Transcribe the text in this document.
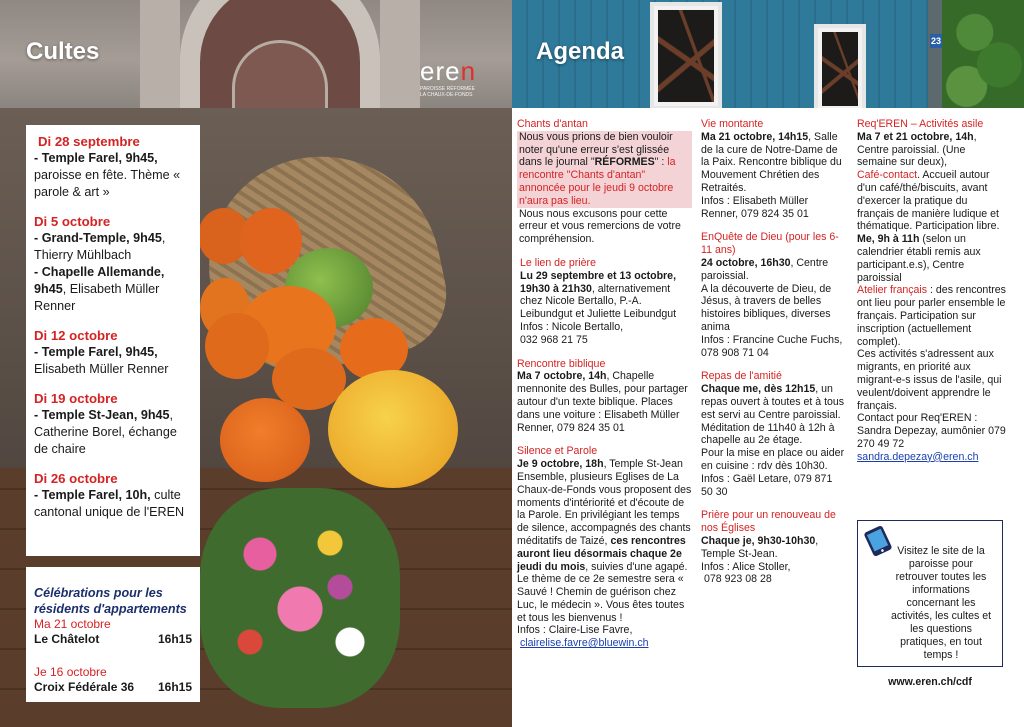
Cultes
eren
PAROISSE RÉFORMÉE
LA CHAUX-DE-FONDS
23
Agenda
Di 28 septembre
- Temple Farel, 9h45,
paroisse en fête. Thème « parole & art »
Di 5 octobre
- Grand-Temple, 9h45, Thierry Mühlbach
- Chapelle Allemande, 9h45, Elisabeth Müller Renner
Di 12 octobre
- Temple Farel, 9h45, Elisabeth Müller Renner
Di 19 octobre
- Temple St-Jean, 9h45, Catherine Borel, échange de chaire
Di 26 octobre
- Temple Farel, 10h, culte cantonal unique de l'EREN
Célébrations pour les résidents d'appartements
Ma 21 octobre
Le Châtelot	16h15
Je 16 octobre
Croix Fédérale 36 16h15
Chants d'antan

Nous vous prions de bien vouloir noter qu'une erreur s'est glissée dans le journal "RÉFORMES" : la rencontre "Chants d'antan" annoncée pour le jeudi 9 octobre n'aura pas lieu.

Nous nous excusons pour cette erreur et vous remercions de votre compréhension.

Le lien de prière

Lu 29 septembre et 13 octobre, 19h30 à 21h30, alternativement chez Nicole Bertallo, P.-A. Leibundgut et Juliette Leibundgut

Infos : Nicole Bertallo,

032 968 21 75

Rencontre biblique

Ma 7 octobre, 14h, Chapelle mennonite des Bulles, pour partager autour d'un texte biblique. Places dans une voiture : Elisabeth Müller Renner, 079 824 35 01

Silence et Parole

Je 9 octobre, 18h, Temple St-Jean Ensemble, plusieurs Eglises de La Chaux-de-Fonds vous proposent des moments d'intériorité et d'écoute de la Parole. En privilégiant les temps de silence, accompagnés des chants méditatifs de Taizé, ces rencontres auront lieu désormais chaque 2e jeudi du mois, suivies d'une agapé. Le thème de ce 2e semestre sera « Sauvé ! Chemin de guérison chez Luc, le médecin ». Vous êtes toutes et tous les bienvenus !

Infos : Claire-Lise Favre,

clairelise.favre@bluewin.ch

Vie montante

Ma 21 octobre, 14h15, Salle de la cure de Notre-Dame de la Paix. Rencontre biblique du Mouvement Chrétien des Retraités.

Infos : Elisabeth Müller Renner, 079 824 35 01

EnQuête de Dieu (pour les 6-11 ans)

24 octobre, 16h30, Centre paroissial.

A la découverte de Dieu, de Jésus, à travers de belles histoires bibliques, diverses anima

Infos : Francine Cuche Fuchs, 078 908 71 04

Repas de l'amitié

Chaque me, dès 12h15, un repas ouvert à toutes et à tous est servi au Centre paroissial.

Méditation de 11h40 à 12h à chapelle au 2e étage.

Pour la mise en place ou aider en cuisine : rdv dès 10h30.

Infos : Gaël Letare, 079 871 50 30

Prière pour un renouveau de nos Églises

Chaque je, 9h30-10h30, Temple St-Jean.

Infos : Alice Stoller,

078 923 08 28

Req'EREN – Activités asile

Ma 7 et 21 octobre, 14h, Centre paroissial. (Une semaine sur deux),

Café-contact. Accueil autour d'un café/thé/biscuits, avant d'exercer la pratique du français de manière ludique et thématique. Participation libre.

Me, 9h à 11h (selon un calendrier établi remis aux participant.e.s), Centre paroissial

Atelier français : des rencontres ont lieu pour parler ensemble le français. Participation sur inscription (actuellement complet).

Ces activités s'adressent aux migrants, en priorité aux migrant-e-s issus de l'asile, qui veulent/doivent apprendre le français.

Contact pour Req'EREN : Sandra Depezay, aumônier 079 270 49 72

sandra.depezay@eren.ch

Visitez le site de la paroisse pour retrouver toutes les informations concernant les activités, les cultes et les questions pratiques, en tout temps !

www.eren.ch/cdf
